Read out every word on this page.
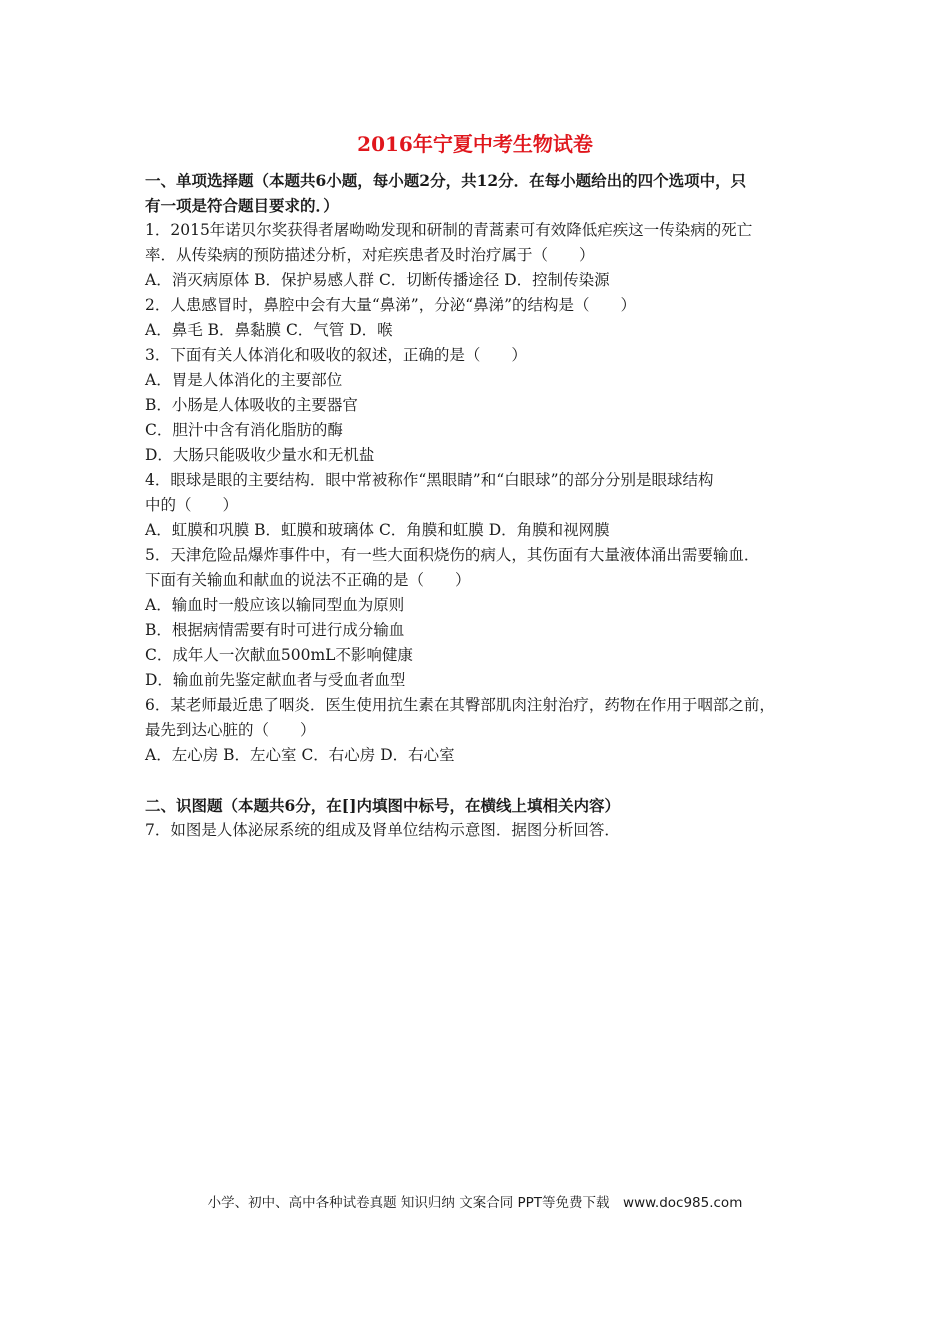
2016年宁夏中考生物试卷
一、单项选择题（本题共6小题，每小题2分，共12分．在每小题给出的四个选项中，只
有一项是符合题目要求的．）
1．2015年诺贝尔奖获得者屠呦呦发现和研制的青蒿素可有效降低疟疾这一传染病的死亡
率．从传染病的预防描述分析，对疟疾患者及时治疗属于（　　）
A．消灭病原体 B．保护易感人群 C．切断传播途径 D．控制传染源
2．人患感冒时，鼻腔中会有大量“鼻涕”，分泌“鼻涕”的结构是（　　）
A．鼻毛 B．鼻黏膜 C．气管 D．喉
3．下面有关人体消化和吸收的叙述，正确的是（　　）
A．胃是人体消化的主要部位
B．小肠是人体吸收的主要器官
C．胆汁中含有消化脂肪的酶
D．大肠只能吸收少量水和无机盐
4．眼球是眼的主要结构．眼中常被称作“黑眼睛”和“白眼球”的部分分别是眼球结构
中的（　　）
A．虹膜和巩膜 B．虹膜和玻璃体 C．角膜和虹膜 D．角膜和视网膜
5．天津危险品爆炸事件中，有一些大面积烧伤的病人，其伤面有大量液体涌出需要输血．
下面有关输血和献血的说法不正确的是（　　）
A．输血时一般应该以输同型血为原则
B．根据病情需要有时可进行成分输血
C．成年人一次献血500mL不影响健康
D．输血前先鉴定献血者与受血者血型
6．某老师最近患了咽炎．医生使用抗生素在其臀部肌肉注射治疗，药物在作用于咽部之前，
最先到达心脏的（　　）
A．左心房 B．左心室 C．右心房 D．右心室
二、识图题（本题共6分，在[]内填图中标号，在横线上填相关内容）
7．如图是人体泌尿系统的组成及肾单位结构示意图．据图分析回答．
小学、初中、高中各种试卷真题 知识归纳 文案合同 PPT等免费下载　www.doc985.com
